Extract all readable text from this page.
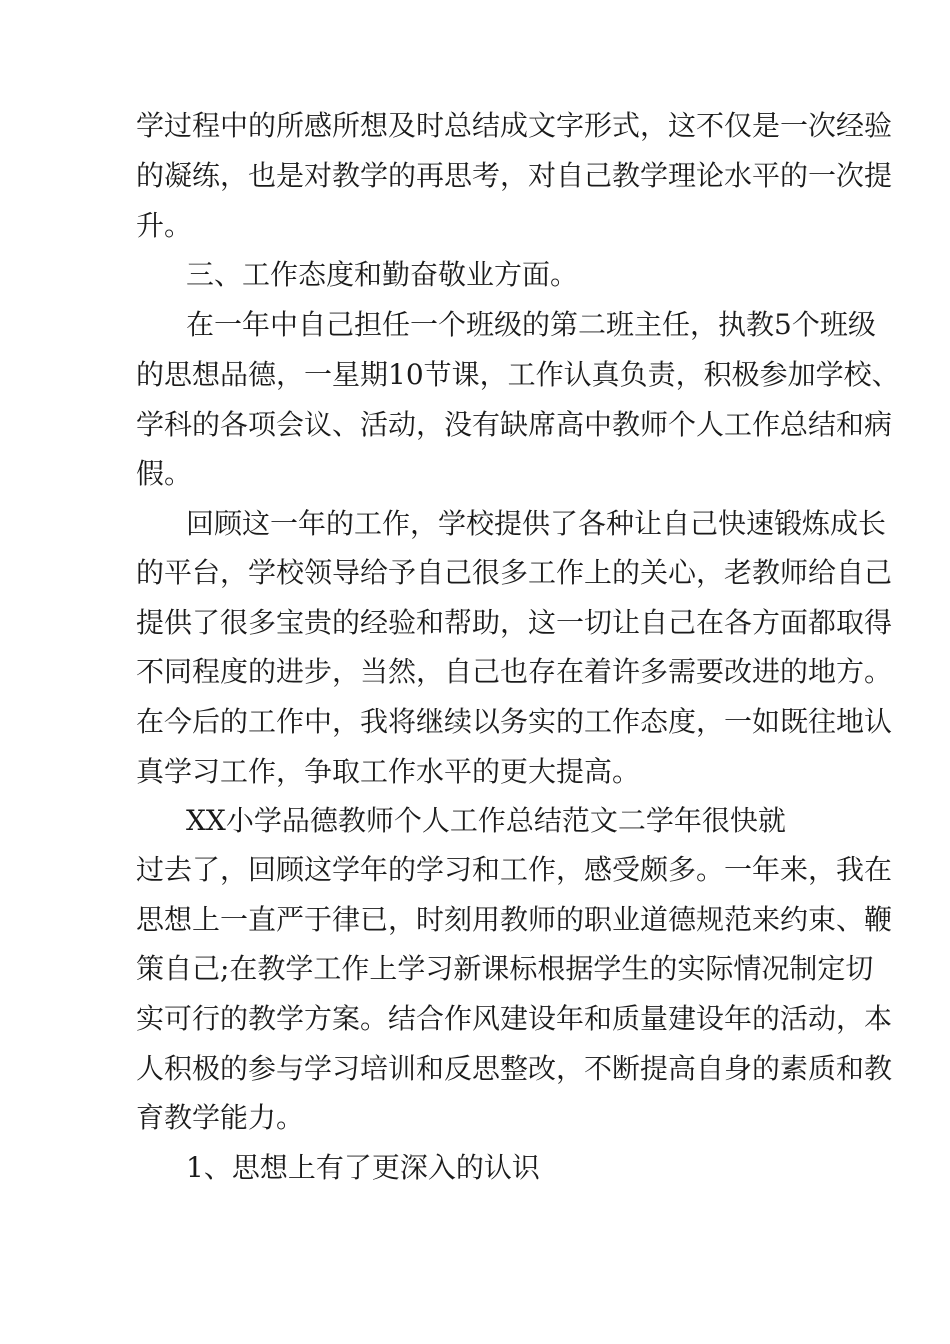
学过程中的所感所想及时总结成文字形式，这不仅是一次经验
的凝练，也是对教学的再思考，对自己教学理论水平的一次提
升。
三、工作态度和勤奋敬业方面。
在一年中自己担任一个班级的第二班主任，执教5个班级
的思想品德，一星期10节课，工作认真负责，积极参加学校、
学科的各项会议、活动，没有缺席高中教师个人工作总结和病
假。
回顾这一年的工作，学校提供了各种让自己快速锻炼成长
的平台，学校领导给予自己很多工作上的关心，老教师给自己
提供了很多宝贵的经验和帮助，这一切让自己在各方面都取得
不同程度的进步，当然，自己也存在着许多需要改进的地方。
在今后的工作中，我将继续以务实的工作态度，一如既往地认
真学习工作，争取工作水平的更大提高。
XX小学品德教师个人工作总结范文二学年很快就
过去了，回顾这学年的学习和工作，感受颇多。一年来，我在
思想上一直严于律已，时刻用教师的职业道德规范来约束、鞭
策自己;在教学工作上学习新课标根据学生的实际情况制定切
实可行的教学方案。结合作风建设年和质量建设年的活动，本
人积极的参与学习培训和反思整改，不断提高自身的素质和教
育教学能力。
1、思想上有了更深入的认识
